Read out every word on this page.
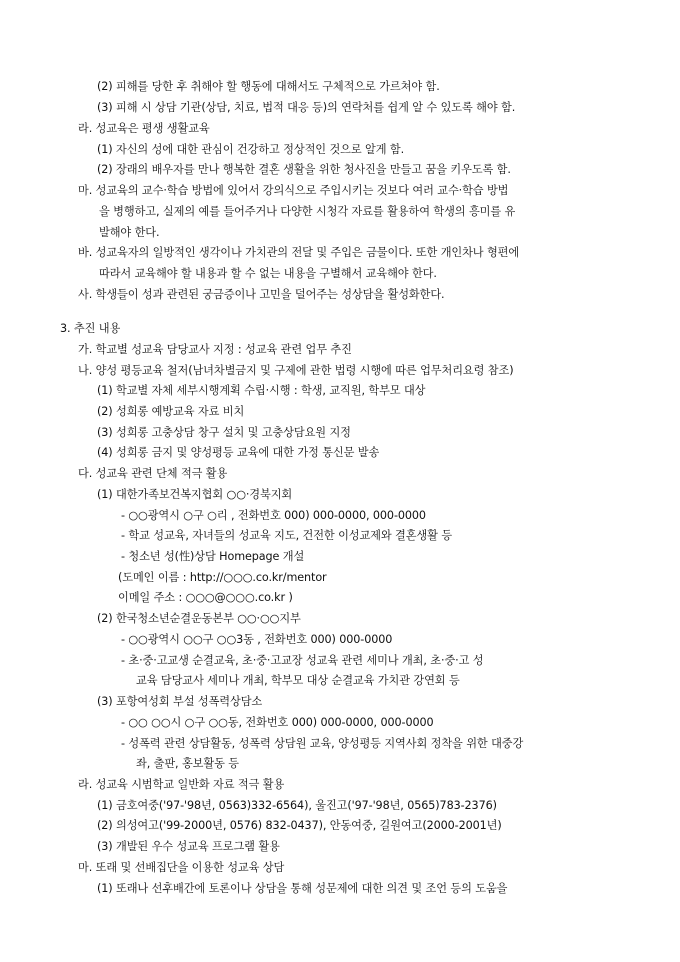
(2) 피해를 당한 후 취해야 할 행동에 대해서도 구체적으로 가르쳐야 함.
(3) 피해 시 상담 기관(상담, 치료, 법적 대응 등)의 연락처를 쉽게 알 수 있도록 해야 함.
라. 성교육은 평생 생활교육
(1) 자신의 성에 대한 관심이 건강하고 정상적인 것으로 알게 함.
(2) 장래의 배우자를 만나 행복한 결혼 생활을 위한 청사진을 만들고 꿈을 키우도록 함.
마. 성교육의 교수·학습 방법에 있어서 강의식으로 주입시키는 것보다 여러 교수·학습 방법
을 병행하고, 실제의 예를 들어주거나 다양한 시청각 자료를 활용하여 학생의 흥미를 유
발해야 한다.
바. 성교육자의 일방적인 생각이나 가치관의 전달 및 주입은 금물이다. 또한 개인차나 형편에
따라서 교육해야 할 내용과 할 수 없는 내용을 구별해서 교육해야 한다.
사. 학생들이 성과 관련된 궁금증이나 고민을 덜어주는 성상담을 활성화한다.
3. 추진 내용
가. 학교별 성교육 담당교사 지정 : 성교육 관련 업무 추진
나. 양성 평등교육 철저(남녀차별금지 및 구제에 관한 법령 시행에 따른 업무처리요령 참조)
(1) 학교별 자체 세부시행계획 수립·시행 : 학생, 교직원, 학부모 대상
(2) 성희롱 예방교육 자료 비치
(3) 성희롱 고충상담 창구 설치 및 고충상담요원 지정
(4) 성희롱 금지 및 양성평등 교육에 대한 가정 통신문 발송
다. 성교육 관련 단체 적극 활용
(1) 대한가족보건복지협회 ○○·경북지회
- ○○광역시 ○구 ○리 , 전화번호 000) 000-0000, 000-0000
- 학교 성교육, 자녀들의 성교육 지도, 건전한 이성교제와 결혼생활 등
- 청소년 성(性)상담 Homepage 개설
(도메인 이름 : http://○○○.co.kr/mentor
이메일 주소 : ○○○@○○○.co.kr )
(2) 한국청소년순결운동본부 ○○·○○지부
- ○○광역시 ○○구 ○○3동 , 전화번호 000) 000-0000
- 초·중·고교생 순결교육, 초·중·고교장 성교육 관련 세미나 개최, 초·중·고 성
교육 담당교사 세미나 개최, 학부모 대상 순결교육 가치관 강연회 등
(3) 포항여성회 부설 성폭력상담소
- ○○ ○○시 ○구 ○○동, 전화번호 000) 000-0000, 000-0000
- 성폭력 관련 상담활동, 성폭력 상담원 교육, 양성평등 지역사회 정착을 위한 대중강
좌, 출판, 홍보활동 등
라. 성교육 시범학교 일반화 자료 적극 활용
(1) 금호여중('97-'98년, 0563)332-6564), 울진고('97-'98년, 0565)783-2376)
(2) 의성여고('99-2000년, 0576) 832-0437), 안동여중, 길원여고(2000-2001년)
(3) 개발된 우수 성교육 프로그램 활용
마. 또래 및 선배집단을 이용한 성교육 상담
(1) 또래나 선후배간에 토론이나 상담을 통해 성문제에 대한 의견 및 조언 등의 도움을
